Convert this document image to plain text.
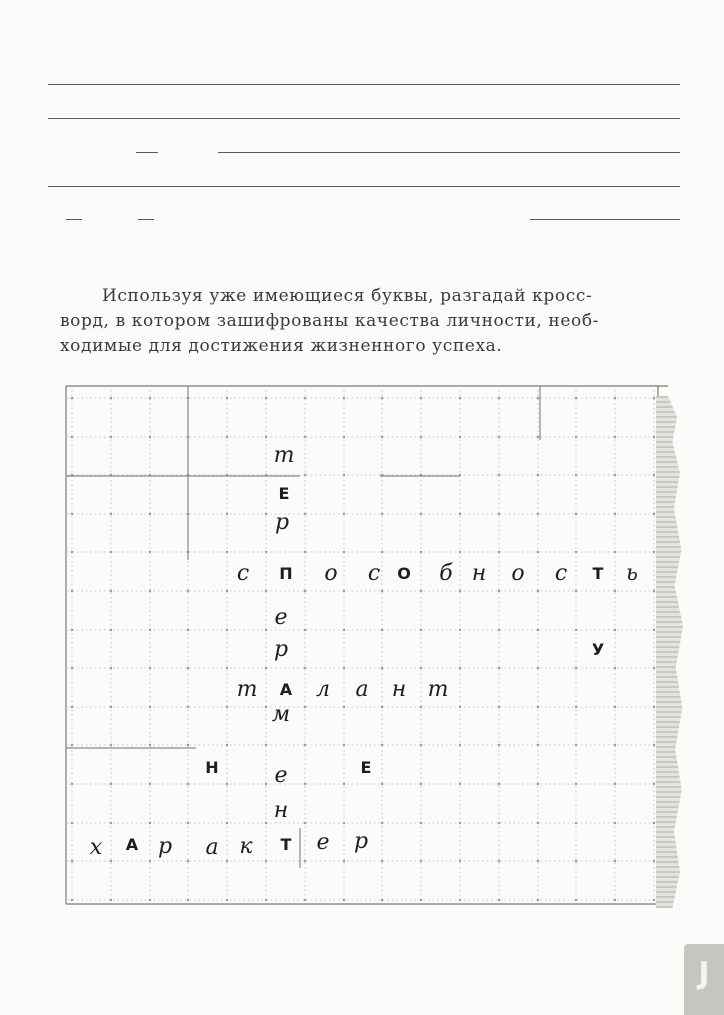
Используя уже имеющиеся буквы, разгадай кросс-
ворд, в котором зашифрованы качества личности, необ-
ходимые для достижения жизненного успеха.
т
Е
р
е
р
м
е
н
с	П	о	с	О	б н	о	с	Т	ь
т	А	л	а	н т
х	А р	а к	Т	е	р
У
Н	Е
J
